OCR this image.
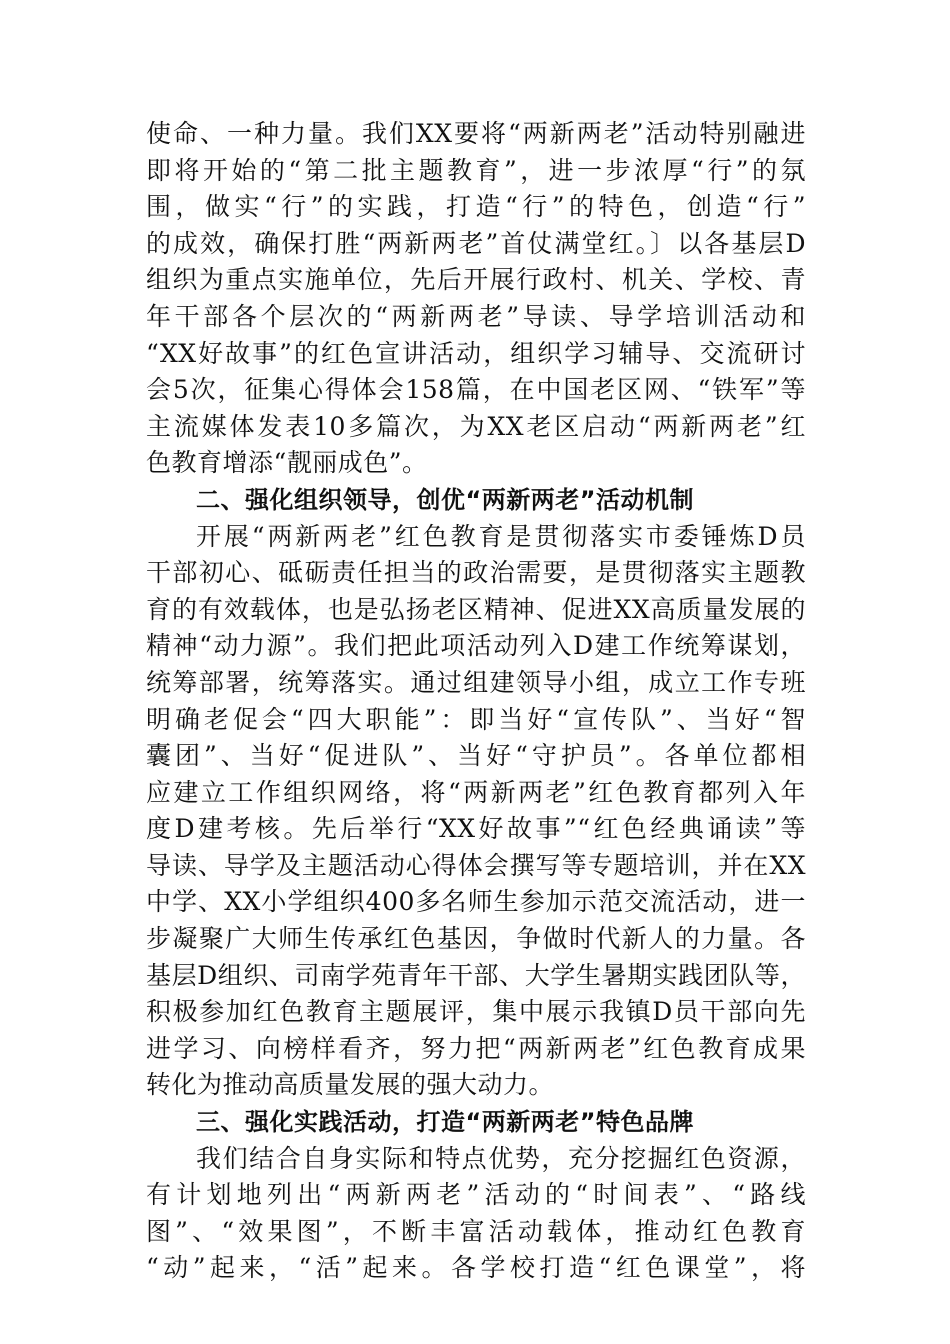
使命、一种力量。我们XX要将“两新两老”活动特别融进
即将开始的“第二批主题教育”，进一步浓厚“行”的氛
围，做实“行”的实践，打造“行”的特色，创造“行”
的成效，确保打胜“两新两老”首仗满堂红。〕以各基层D
组织为重点实施单位，先后开展行政村、机关、学校、青
年干部各个层次的“两新两老”导读、导学培训活动和
“XX好故事”的红色宣讲活动，组织学习辅导、交流研讨
会5次，征集心得体会158篇，在中国老区网、“铁军”等
主流媒体发表10多篇次，为XX老区启动“两新两老”红
色教育增添“靓丽成色”。
二、强化组织领导，创优“两新两老”活动机制
开展“两新两老”红色教育是贯彻落实市委锤炼D员
干部初心、砥砺责任担当的政治需要，是贯彻落实主题教
育的有效载体，也是弘扬老区精神、促进XX高质量发展的
精神“动力源”。我们把此项活动列入D建工作统筹谋划，
统筹部署，统筹落实。通过组建领导小组，成立工作专班
明确老促会“四大职能”：即当好“宣传队”、当好“智
囊团”、当好“促进队”、当好“守护员”。各单位都相
应建立工作组织网络，将“两新两老”红色教育都列入年
度D建考核。先后举行“XX好故事”“红色经典诵读”等
导读、导学及主题活动心得体会撰写等专题培训，并在XX
中学、XX小学组织400多名师生参加示范交流活动，进一
步凝聚广大师生传承红色基因，争做时代新人的力量。各
基层D组织、司南学苑青年干部、大学生暑期实践团队等，
积极参加红色教育主题展评，集中展示我镇D员干部向先
进学习、向榜样看齐，努力把“两新两老”红色教育成果
转化为推动高质量发展的强大动力。
三、强化实践活动，打造“两新两老”特色品牌
我们结合自身实际和特点优势，充分挖掘红色资源，
有计划地列出“两新两老”活动的“时间表”、“路线
图”、“效果图”，不断丰富活动载体，推动红色教育
“动”起来，“活”起来。各学校打造“红色课堂”，将
